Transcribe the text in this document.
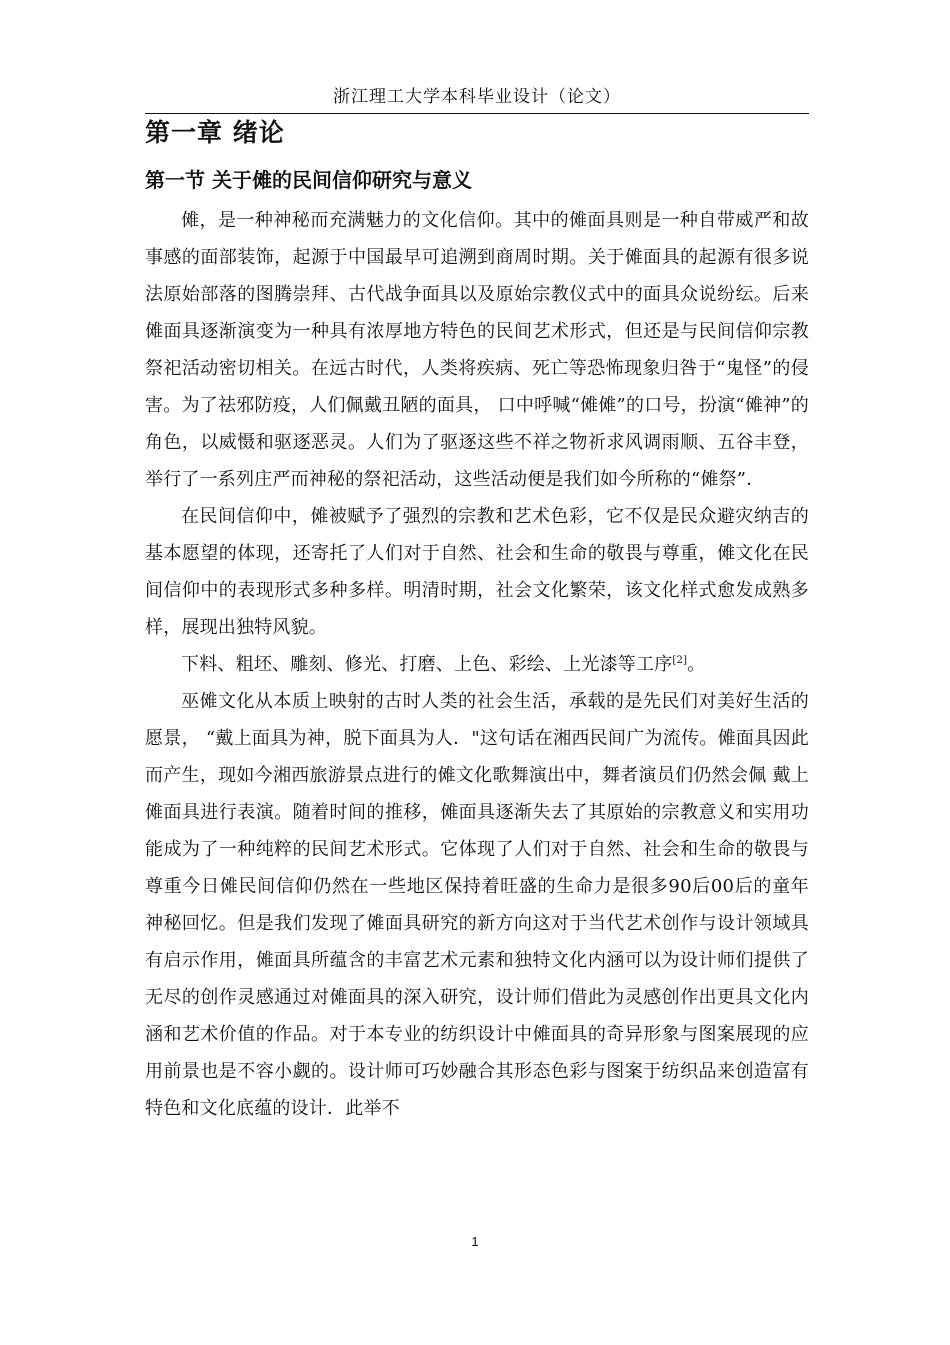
浙江理工大学本科毕业设计（论文）
第一章 绪论
第一节 关于傩的民间信仰研究与意义

傩，是一种神秘而充满魅力的文化信仰。其中的傩面具则是一种自带威严和故事感的面部装饰，起源于中国最早可追溯到商周时期。关于傩面具的起源有很多说法原始部落的图腾崇拜、古代战争面具以及原始宗教仪式中的面具众说纷纭。后来傩面具逐渐演变为一种具有浓厚地方特色的民间艺术形式，但还是与民间信仰宗教祭祀活动密切相关。在远古时代，人类将疾病、死亡等恐怖现象归咎于“鬼怪”的侵害。为了祛邪防疫，人们佩戴丑陋的面具， 口中呼喊“傩傩”的口号，扮演“傩神”的角色，以威慑和驱逐恶灵。人们为了驱逐这些不祥之物祈求风调雨顺、五谷丰登，举行了一系列庄严而神秘的祭祀活动，这些活动便是我们如今所称的“傩祭”．

在民间信仰中，傩被赋予了强烈的宗教和艺术色彩，它不仅是民众避灾纳吉的基本愿望的体现，还寄托了人们对于自然、社会和生命的敬畏与尊重，傩文化在民间信仰中的表现形式多种多样。明清时期，社会文化繁荣，该文化样式愈发成熟多样，展现出独特风貌。

下料、粗坯、雕刻、修光、打磨、上色、彩绘、上光漆等工序[2]。

巫傩文化从本质上映射的古时人类的社会生活，承载的是先民们对美好生活的愿景， “戴上面具为神，脱下面具为人．"这句话在湘西民间广为流传。傩面具因此而产生，现如今湘西旅游景点进行的傩文化歌舞演出中，舞者演员们仍然会佩 戴上傩面具进行表演。随着时间的推移，傩面具逐渐失去了其原始的宗教意义和实用功能成为了一种纯粹的民间艺术形式。它体现了人们对于自然、社会和生命的敬畏与尊重今日傩民间信仰仍然在一些地区保持着旺盛的生命力是很多90后00后的童年神秘回忆。但是我们发现了傩面具研究的新方向这对于当代艺术创作与设计领域具有启示作用，傩面具所蕴含的丰富艺术元素和独特文化内涵可以为设计师们提供了无尽的创作灵感通过对傩面具的深入研究，设计师们借此为灵感创作出更具文化内涵和艺术价值的作品。对于本专业的纺织设计中傩面具的奇异形象与图案展现的应用前景也是不容小觑的。设计师可巧妙融合其形态色彩与图案于纺织品来创造富有特色和文化底蕴的设计．此举不

1
